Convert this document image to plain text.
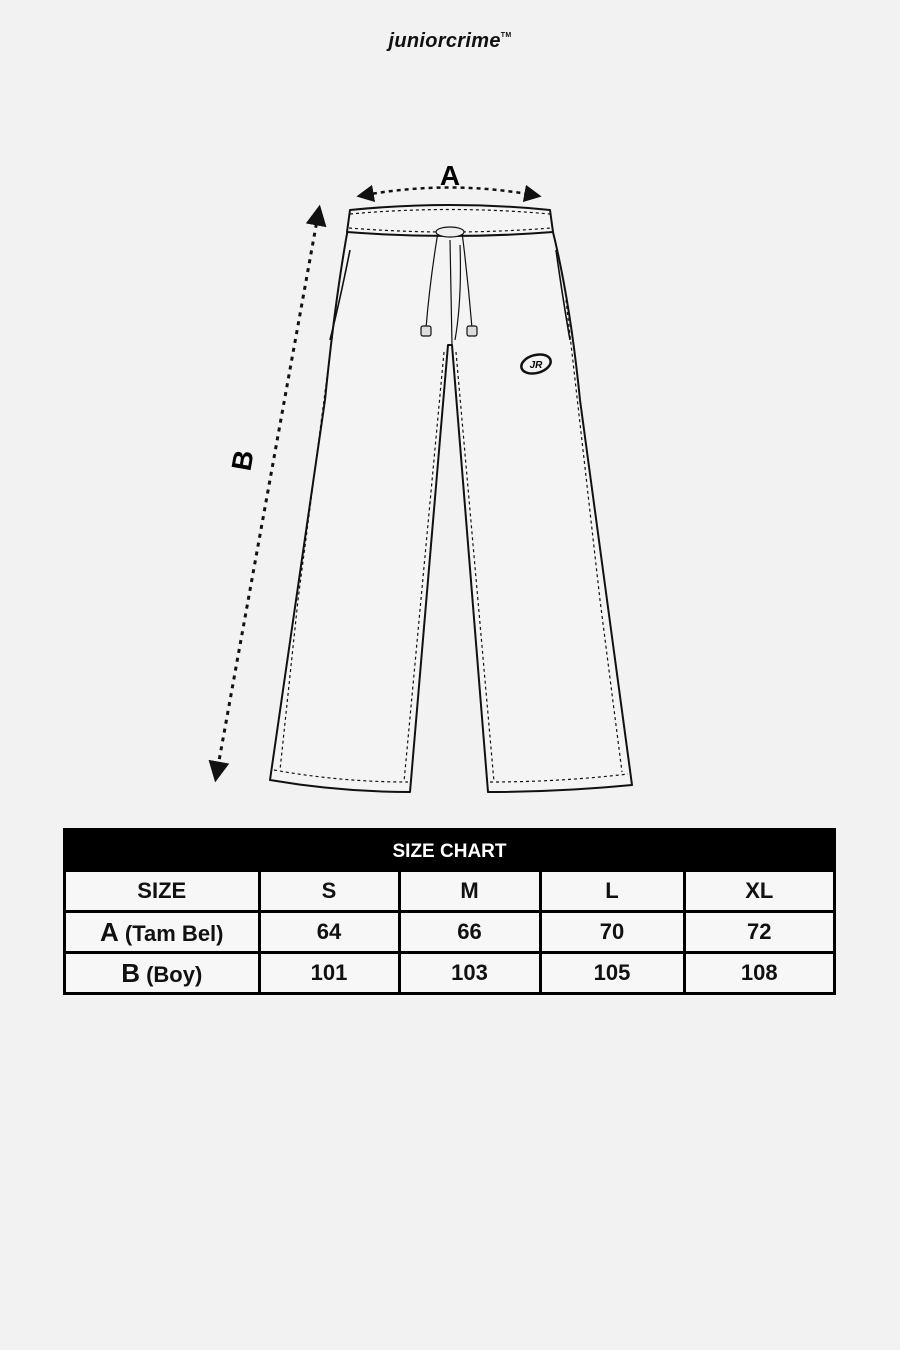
juniorcrime™
A
B
JR
SIZE CHART
SIZE	S	M	L	XL
A (Tam Bel)	64	66	70	72
B (Boy)	101	103	105	108
